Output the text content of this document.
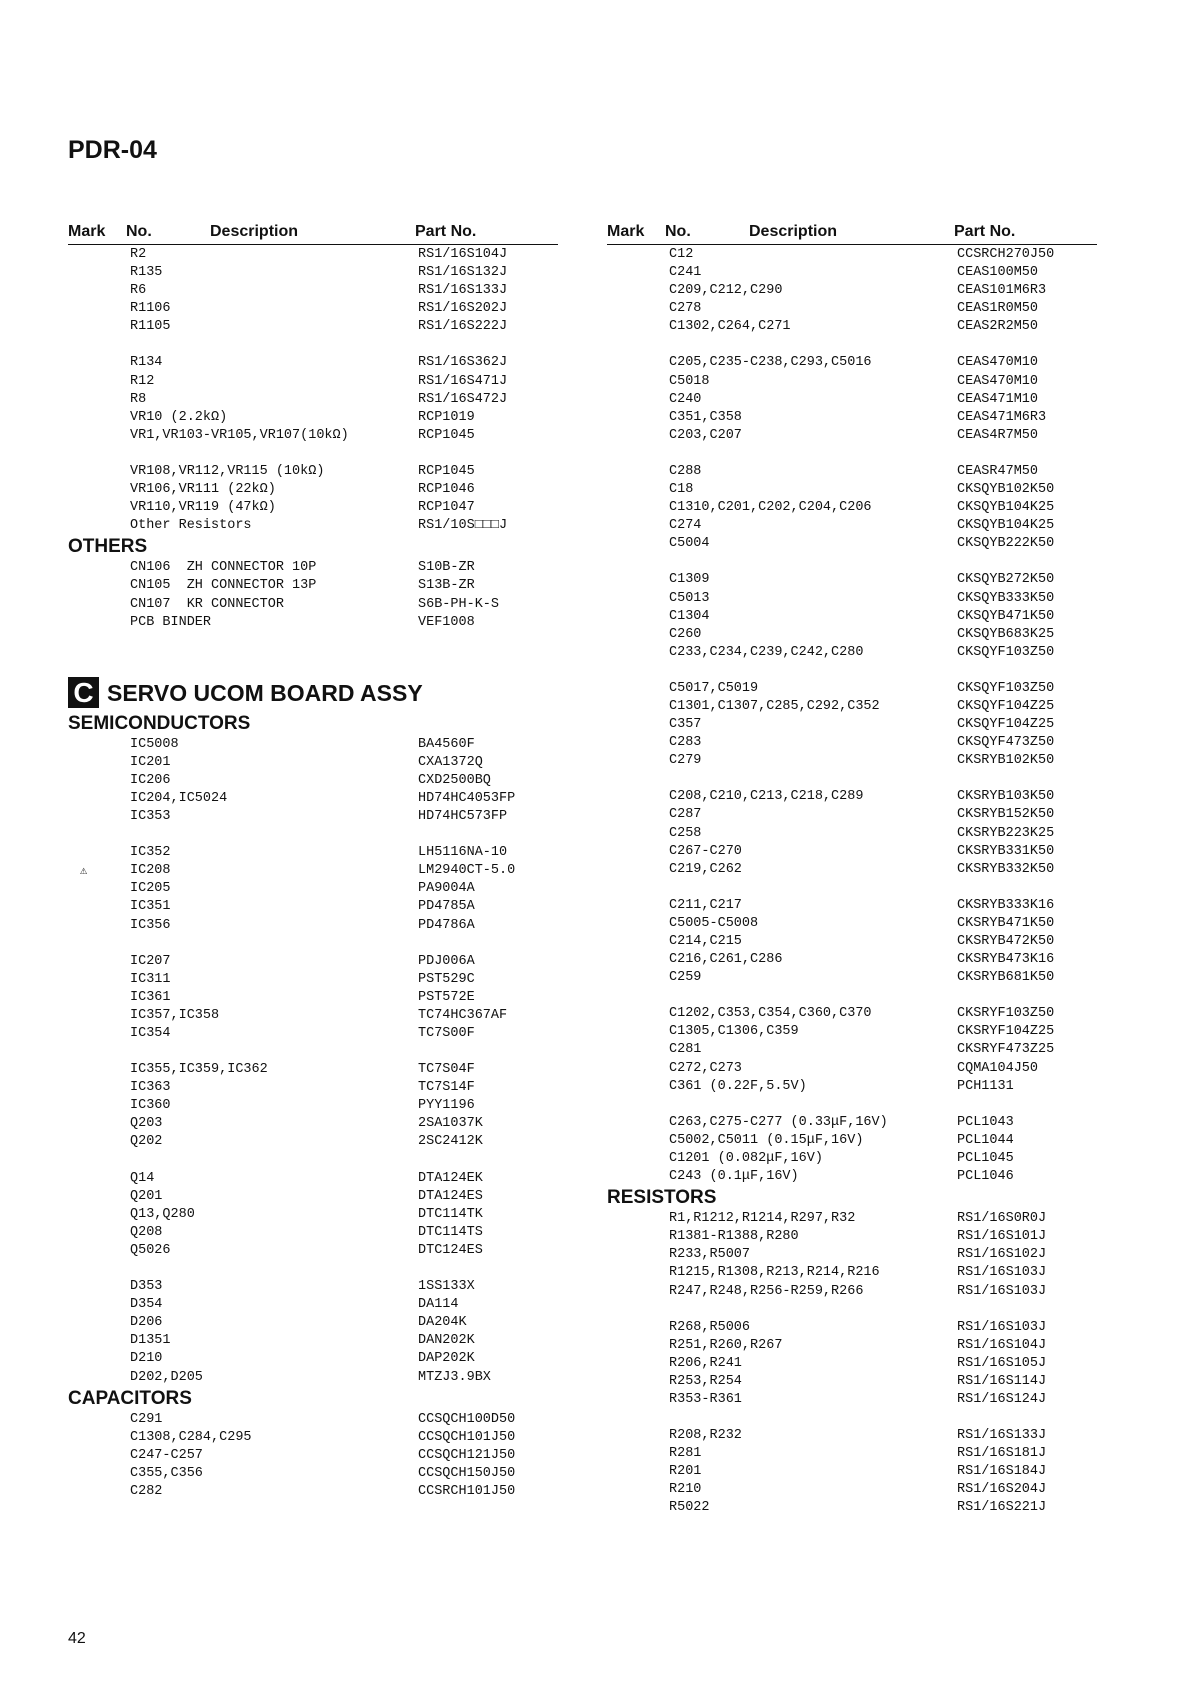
PDR-04
Mark No.	Description	Part No.
R2	RS1/16S104J
R135	RS1/16S132J
R6	RS1/16S133J
R1106	RS1/16S202J
R1105	RS1/16S222J
R134	RS1/16S362J
R12	RS1/16S471J
R8	RS1/16S472J
VR10 (2.2kΩ)	RCP1019
VR1,VR103-VR105,VR107(10kΩ)	RCP1045
VR108,VR112,VR115 (10kΩ)	RCP1045
VR106,VR111 (22kΩ)	RCP1046
VR110,VR119 (47kΩ)	RCP1047
Other Resistors	RS1/10S□□□J
OTHERS
CN106  ZH CONNECTOR 10P	S10B-ZR
CN105  ZH CONNECTOR 13P	S13B-ZR
CN107  KR CONNECTOR	S6B-PH-K-S
PCB BINDER	VEF1008
C SERVO UCOM BOARD ASSY
SEMICONDUCTORS
IC5008	BA4560F
IC201	CXA1372Q
IC206	CXD2500BQ
IC204,IC5024	HD74HC4053FP
IC353	HD74HC573FP
IC352	LH5116NA-10
⚠	IC208	LM2940CT-5.0
IC205	PA9004A
IC351	PD4785A
IC356	PD4786A
IC207	PDJ006A
IC311	PST529C
IC361	PST572E
IC357,IC358	TC74HC367AF
IC354	TC7S00F
IC355,IC359,IC362	TC7S04F
IC363	TC7S14F
IC360	PYY1196
Q203	2SA1037K
Q202	2SC2412K
Q14	DTA124EK
Q201	DTA124ES
Q13,Q280	DTC114TK
Q208	DTC114TS
Q5026	DTC124ES
D353	1SS133X
D354	DA114
D206	DA204K
D1351	DAN202K
D210	DAP202K
D202,D205	MTZJ3.9BX
CAPACITORS
C291	CCSQCH100D50
C1308,C284,C295	CCSQCH101J50
C247-C257	CCSQCH121J50
C355,C356	CCSQCH150J50
C282	CCSRCH101J50
Mark No.	Description	Part No.
C12	CCSRCH270J50
C241	CEAS100M50
C209,C212,C290	CEAS101M6R3
C278	CEAS1R0M50
C1302,C264,C271	CEAS2R2M50
C205,C235-C238,C293,C5016	CEAS470M10
C5018	CEAS470M10
C240	CEAS471M10
C351,C358	CEAS471M6R3
C203,C207	CEAS4R7M50
C288	CEASR47M50
C18	CKSQYB102K50
C1310,C201,C202,C204,C206	CKSQYB104K25
C274	CKSQYB104K25
C5004	CKSQYB222K50
C1309	CKSQYB272K50
C5013	CKSQYB333K50
C1304	CKSQYB471K50
C260	CKSQYB683K25
C233,C234,C239,C242,C280	CKSQYF103Z50
C5017,C5019	CKSQYF103Z50
C1301,C1307,C285,C292,C352	CKSQYF104Z25
C357	CKSQYF104Z25
C283	CKSQYF473Z50
C279	CKSRYB102K50
C208,C210,C213,C218,C289	CKSRYB103K50
C287	CKSRYB152K50
C258	CKSRYB223K25
C267-C270	CKSRYB331K50
C219,C262	CKSRYB332K50
C211,C217	CKSRYB333K16
C5005-C5008	CKSRYB471K50
C214,C215	CKSRYB472K50
C216,C261,C286	CKSRYB473K16
C259	CKSRYB681K50
C1202,C353,C354,C360,C370	CKSRYF103Z50
C1305,C1306,C359	CKSRYF104Z25
C281	CKSRYF473Z25
C272,C273	CQMA104J50
C361 (0.22F,5.5V)	PCH1131
C263,C275-C277 (0.33μF,16V)	PCL1043
C5002,C5011 (0.15μF,16V)	PCL1044
C1201 (0.082μF,16V)	PCL1045
C243 (0.1μF,16V)	PCL1046
RESISTORS
R1,R1212,R1214,R297,R32	RS1/16S0R0J
R1381-R1388,R280	RS1/16S101J
R233,R5007	RS1/16S102J
R1215,R1308,R213,R214,R216	RS1/16S103J
R247,R248,R256-R259,R266	RS1/16S103J
R268,R5006	RS1/16S103J
R251,R260,R267	RS1/16S104J
R206,R241	RS1/16S105J
R253,R254	RS1/16S114J
R353-R361	RS1/16S124J
R208,R232	RS1/16S133J
R281	RS1/16S181J
R201	RS1/16S184J
R210	RS1/16S204J
R5022	RS1/16S221J
42
